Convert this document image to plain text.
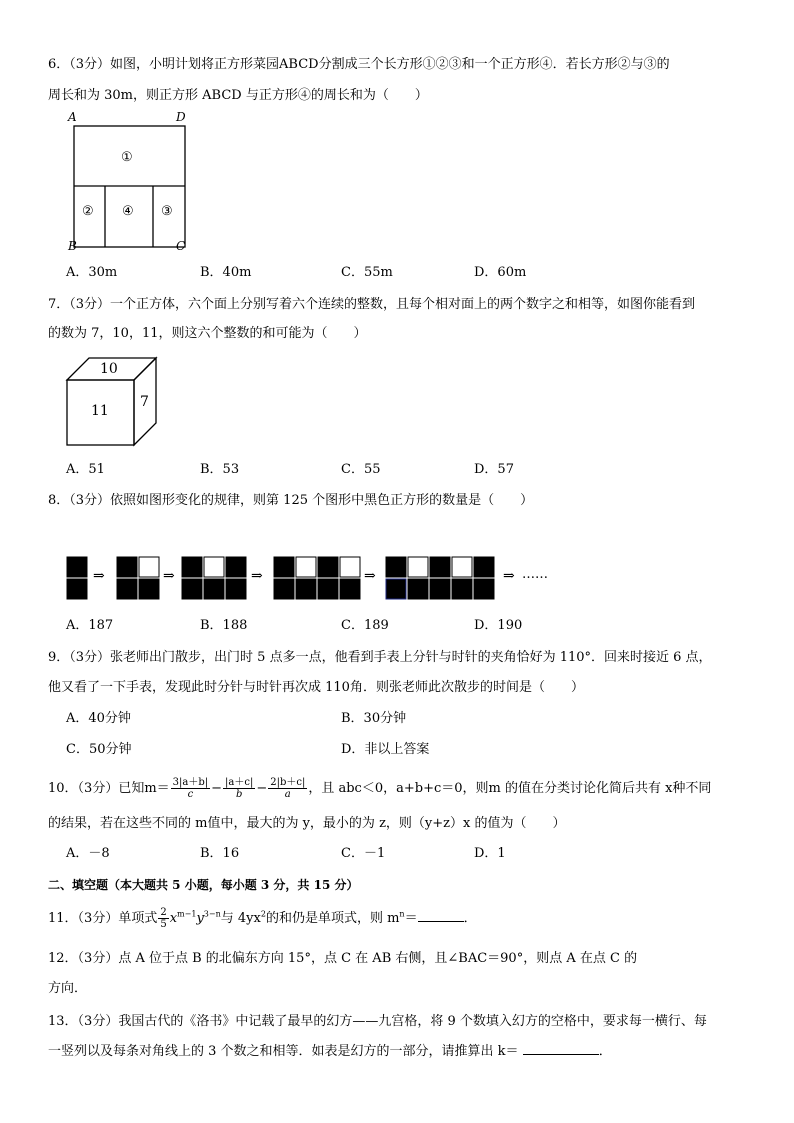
6．（3分）如图，小明计划将正方形菜园ABCD分割成三个长方形①②③和一个正方形④．若长方形②与③的
周长和为 30m，则正方形 ABCD 与正方形④的周长和为（　　）
A	D
B	C
①
② ④ ③
A．30m	B．40m	C．55m	D．60m
7．（3分）一个正方体，六个面上分别写着六个连续的整数，且每个相对面上的两个数字之和相等，如图你能看到
的数为 7，10，11，则这六个整数的和可能为（　　）
10
11
7
A．51	B．53	C．55	D．57
8．（3分）依照如图形变化的规律，则第 125 个图形中黑色正方形的数量是（　　）
⇒	⇒	⇒	⇒	⇒ ……
A．187	B．188	C．189	D．190
9．（3分）张老师出门散步，出门时 5 点多一点，他看到手表上分针与时针的夹角恰好为 110°．回来时接近 6 点，
他又看了一下手表，发现此时分针与时针再次成 110角．则张老师此次散步的时间是（　　）
A．40分钟	B．30分钟
C．50分钟	D．非以上答案
10．（3分）已知$m= \frac{3|a+b|}{c} - \frac{|a+c|}{b} - \frac{2|b+c|}{a}$ ，且 abc＜0，a+b+c＝0，则m 的值在分类讨论化简后共有 x种不同
的结果，若在这些不同的 m值中，最大的为 y，最小的为 z，则（y+z）x 的值为（　　）
A．－8	B．16	C．－1	D．1
二、填空题（本大题共 5 小题，每小题 3 分，共 15 分）
11．（3分）单项式 $\frac{2}{5} x^{m-1}y^{3-n}$与 $4yx^2$的和仍是单项式，则 $m^n=$	．
12．（3分）点 A 位于点 B 的北偏东方向 15°，点 C 在 AB 右侧，且∠BAC＝90°，则点 A 在点 C 的
方向．
13．（3分）我国古代的《洛书》中记载了最早的幻方——九宫格，将 9 个数填入幻方的空格中，要求每一横行、每
一竖列以及每条对角线上的 3 个数之和相等．如表是幻方的一部分，请推算出 k＝	．
